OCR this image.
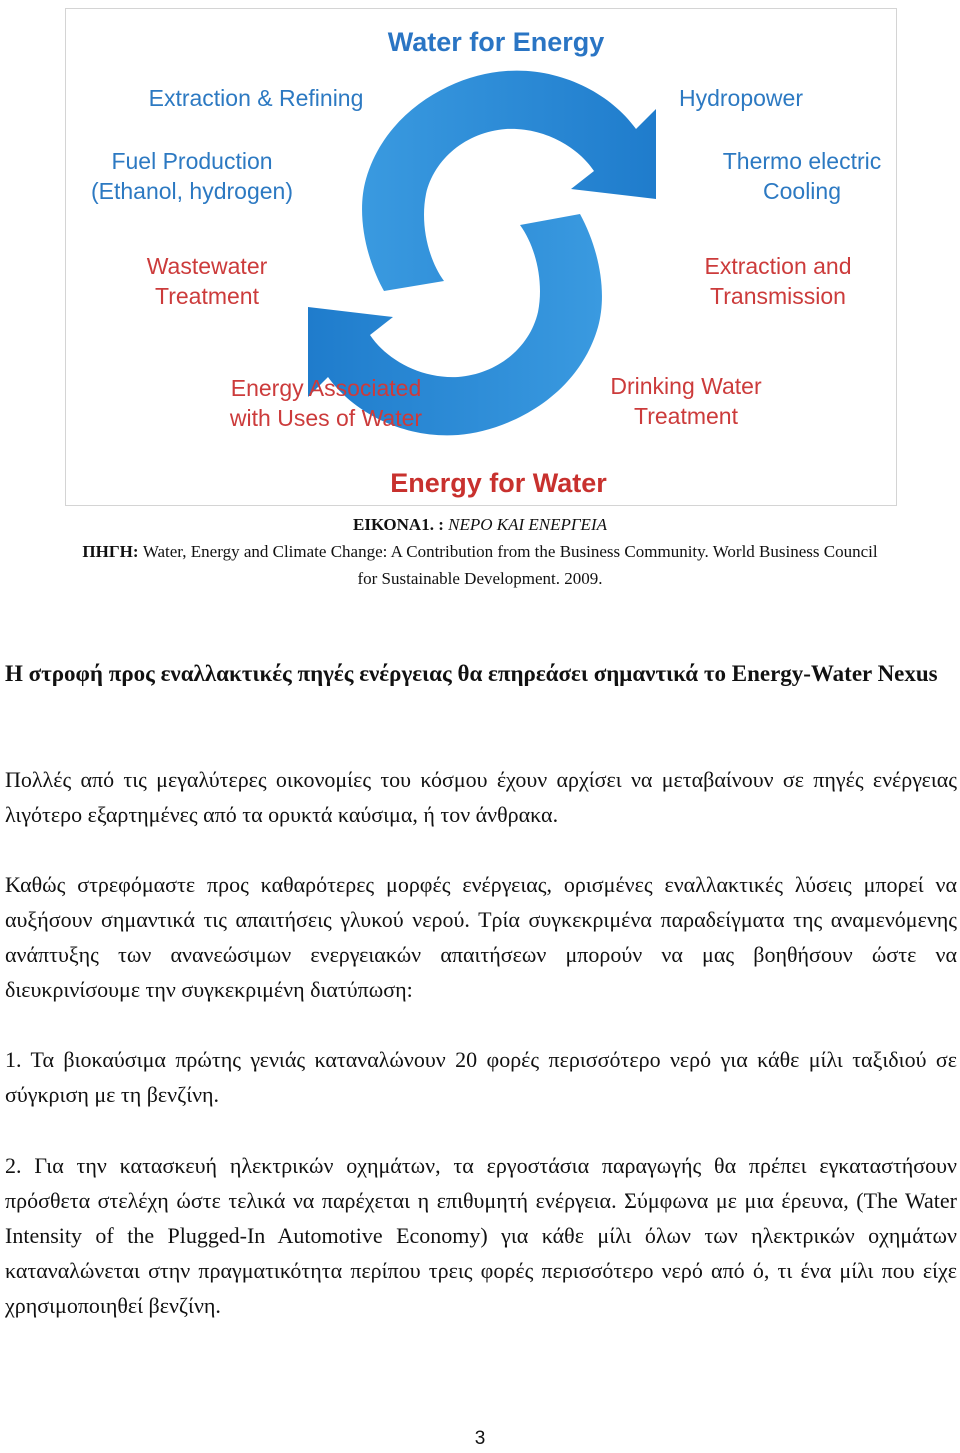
Water for Energy
Extraction & Refining	Hydropower
Fuel Production
(Ethanol, hydrogen)
Thermo electric
Cooling
Wastewater
Treatment
Extraction and
Transmission
Energy Associated
with Uses of Water
Drinking Water
Treatment
Energy for Water
ΕΙΚΟΝΑ1. : ΝΕΡΟ ΚΑΙ ΕΝΕΡΓΕΙΑ
ΠΗΓΗ: Water, Energy and Climate Change: A Contribution from the Business Community. World Business Council
for Sustainable Development. 2009.
Η στροφή προς εναλλακτικές πηγές ενέργειας θα επηρεάσει σημαντικά το Energy-Water Nexus
Πολλές από τις μεγαλύτερες οικονομίες του κόσμου έχουν αρχίσει να μεταβαίνουν σε πηγές ενέργειας λιγότερο εξαρτημένες από τα ορυκτά καύσιμα, ή τον άνθρακα.
Καθώς στρεφόμαστε προς καθαρότερες μορφές ενέργειας, ορισμένες εναλλακτικές λύσεις μπορεί να αυξήσουν σημαντικά τις απαιτήσεις γλυκού νερού. Τρία συγκεκριμένα παραδείγματα της αναμενόμενης ανάπτυξης των ανανεώσιμων ενεργειακών απαιτήσεων μπορούν να μας βοηθήσουν ώστε να διευκρινίσουμε την συγκεκριμένη διατύπωση:
1. Τα βιοκαύσιμα πρώτης γενιάς καταναλώνουν 20 φορές περισσότερο νερό για κάθε μίλι ταξιδιού σε σύγκριση με τη βενζίνη.
2. Για την κατασκευή ηλεκτρικών οχημάτων, τα εργοστάσια παραγωγής θα πρέπει εγκαταστήσουν πρόσθετα στελέχη ώστε τελικά να παρέχεται η επιθυμητή ενέργεια. Σύμφωνα με μια έρευνα, (The Water Intensity of the Plugged-In Automotive Economy) για κάθε μίλι όλων των ηλεκτρικών οχημάτων καταναλώνεται στην πραγματικότητα περίπου τρεις φορές περισσότερο νερό από ό, τι ένα μίλι που είχε χρησιμοποιηθεί βενζίνη.
3
